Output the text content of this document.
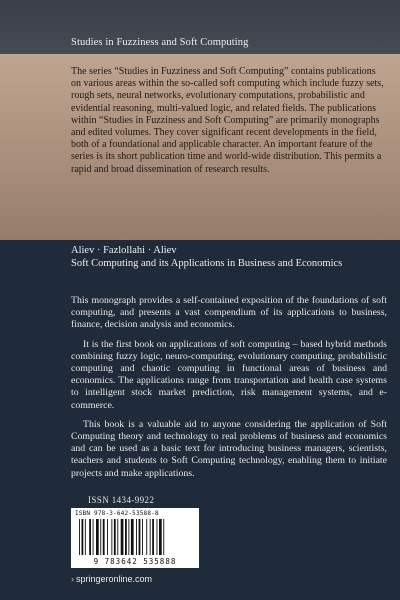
Studies in Fuzziness and Soft Computing
The series “Studies in Fuzziness and Soft Computing” contains publications on various areas within the so-called soft computing which include fuzzy sets, rough sets, neural networks, evolutionary computations, probabilistic and evidential reasoning, multi-valued logic, and related fields. The publications within “Studies in Fuzziness and Soft Computing” are primarily monographs and edited volumes. They cover significant recent developments in the field, both of a foundational and applicable character. An important feature of the series is its short publication time and world-wide distribution. This permits a rapid and broad dissemination of research results.
Aliev · Fazlollahi · Aliev
Soft Computing and its Applications in Business and Economics

This monograph provides a self-contained exposition of the foundations of soft computing, and presents a vast compendium of its applications to business, finance, decision analysis and economics.

It is the first book on applications of soft computing – based hybrid methods combining fuzzy logic, neuro-computing, evolutionary computing, probabilistic computing and chaotic computing in functional areas of business and economics. The applications range from transportation and health case systems to intelligent stock market prediction, risk management systems, and e-commerce.

This book is a valuable aid to anyone considering the application of Soft Computing theory and technology to real problems of business and economics and can be used as a basic text for introducing business managers, scientists, teachers and students to Soft Computing technology, enabling them to initiate projects and make applications.

ISSN 1434-9922
ISBN 978-3-642-53588-8
9 783642 535888
› springeronline.com
